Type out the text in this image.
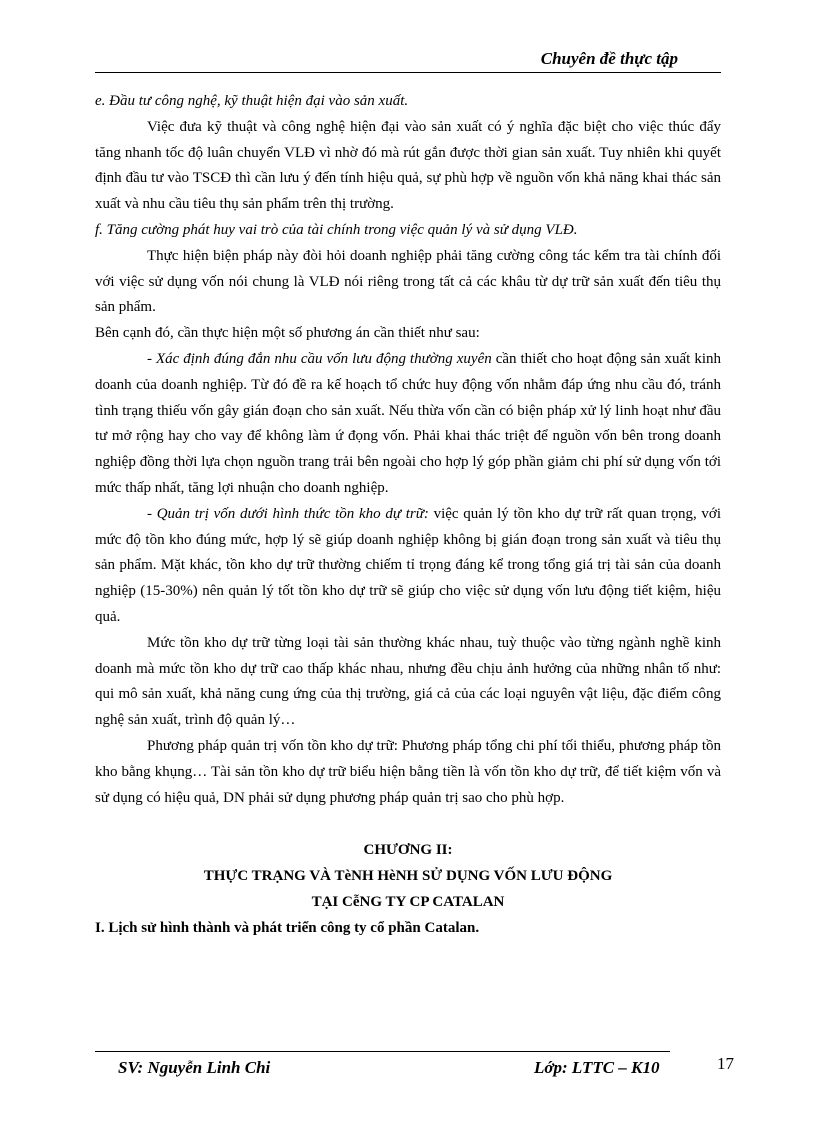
Chuyên đề thực tập

e. Đầu tư công nghệ, kỹ thuật hiện đại vào sản xuất.

Việc đưa kỹ thuật và công nghệ hiện đại vào sản xuất có ý nghĩa đặc biệt cho việc thúc đẩy tăng nhanh tốc độ luân chuyển VLĐ vì nhờ đó mà rút gắn được thời gian sản xuất. Tuy nhiên khi quyết định đầu tư vào TSCĐ thì cần lưu ý đến tính hiệu quả, sự phù hợp về nguồn vốn khả năng khai thác sản xuất và nhu cầu tiêu thụ sản phẩm trên thị trường.

f. Tăng cường phát huy vai trò của tài chính trong việc quản lý và sử dụng VLĐ.

Thực hiện biện pháp này đòi hỏi doanh nghiệp phải tăng cường công tác kểm tra tài chính đối với việc sử dụng vốn nói chung là VLĐ nói riêng trong tất cả các khâu từ dự trữ sản xuất đến tiêu thụ sản phẩm.

Bên cạnh đó, cần thực hiện một số phương án cần thiết như sau:

- Xác định đúng đắn nhu cầu vốn lưu động thường xuyên cần thiết cho hoạt động sản xuất kinh doanh của doanh nghiệp. Từ đó đề ra kế hoạch tổ chức huy động vốn nhằm đáp ứng nhu cầu đó, tránh tình trạng thiếu vốn gây gián đoạn cho sản xuất. Nếu thừa vốn cần có biện pháp xử lý linh hoạt như đầu tư mở rộng hay cho vay để không làm ứ đọng vốn. Phải khai thác triệt để nguồn vốn bên trong doanh nghiệp đồng thời lựa chọn nguồn trang trải bên ngoài cho hợp lý góp phần giảm chi phí sử dụng vốn tới mức thấp nhất, tăng lợi nhuận cho doanh nghiệp.

- Quản trị vốn dưới hình thức tồn kho dự trữ: việc quản lý tồn kho dự trữ rất quan trọng, với mức độ tồn kho đúng mức, hợp lý sẽ giúp doanh nghiệp không bị gián đoạn trong sản xuất và tiêu thụ sản phẩm. Mặt khác, tồn kho dự trữ thường chiếm tỉ trọng đáng kể trong tổng giá trị tài sản của doanh nghiệp (15-30%) nên quản lý tốt tồn kho dự trữ sẽ giúp cho việc sử dụng vốn lưu động tiết kiệm, hiệu quả.

Mức tồn kho dự trữ từng loại tài sản thường khác nhau, tuỳ thuộc vào từng ngành nghề kinh doanh mà mức tồn kho dự trữ cao thấp khác nhau, nhưng đều chịu ảnh hưởng của những nhân tố như: qui mô sản xuất, khả năng cung ứng của thị trường, giá cả của các loại nguyên vật liệu, đặc điểm công nghệ sản xuất, trình độ quản lý…

Phương pháp quản trị vốn tồn kho dự trữ: Phương pháp tổng chi phí tối thiểu, phương pháp tồn kho bằng khụng… Tài sản tồn kho dự trữ biểu hiện bằng tiền là vốn tồn kho dự trữ, để tiết kiệm vốn và sử dụng có hiệu quả, DN phải sử dụng phương pháp quản trị sao cho phù hợp.

CHƯƠNG II:

THỰC TRẠNG VÀ TèNH HèNH SỬ DỤNG VỐN LƯU ĐỘNG

TẠI CễNG TY CP CATALAN

I. Lịch sử hình thành và phát triển công ty cổ phần Catalan.

SV: Nguyễn Linh Chi	Lớp: LTTC – K10	17
